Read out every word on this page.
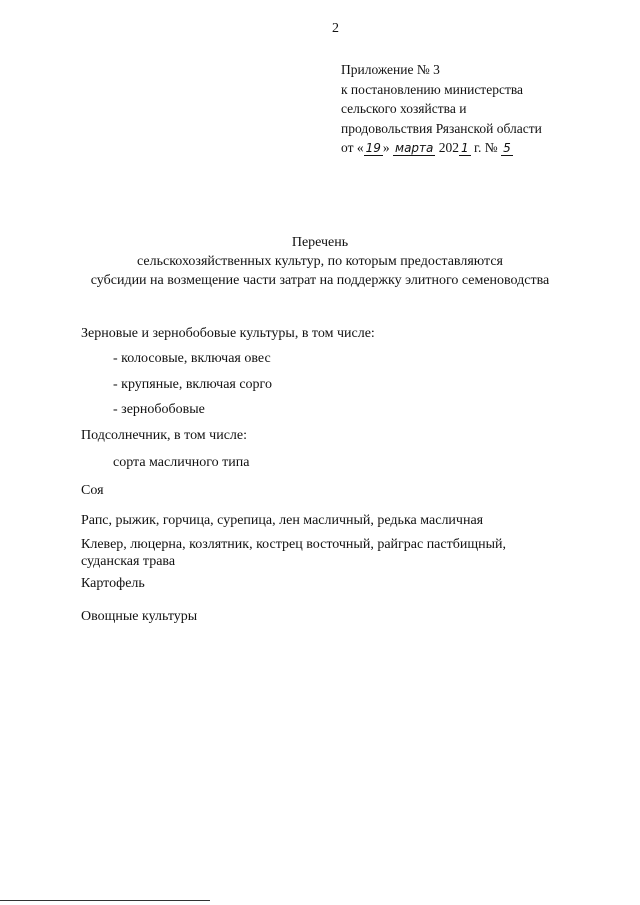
2
Приложение № 3
к постановлению министерства
сельского хозяйства и
продовольствия Рязанской области
от « 19 » марта 202 1 г. № 5
Перечень
сельскохозяйственных культур, по которым предоставляются
субсидии на возмещение части затрат на поддержку элитного семеноводства
Зерновые и зернобобовые культуры, в том числе:
- колосовые, включая овес
- крупяные, включая сорго
- зернобобовые
Подсолнечник, в том числе:
сорта масличного типа
Соя
Рапс, рыжик, горчица, сурепица, лен масличный, редька масличная
Клевер, люцерна, козлятник, кострец восточный, райграс пастбищный,
суданская трава
Картофель
Овощные культуры
